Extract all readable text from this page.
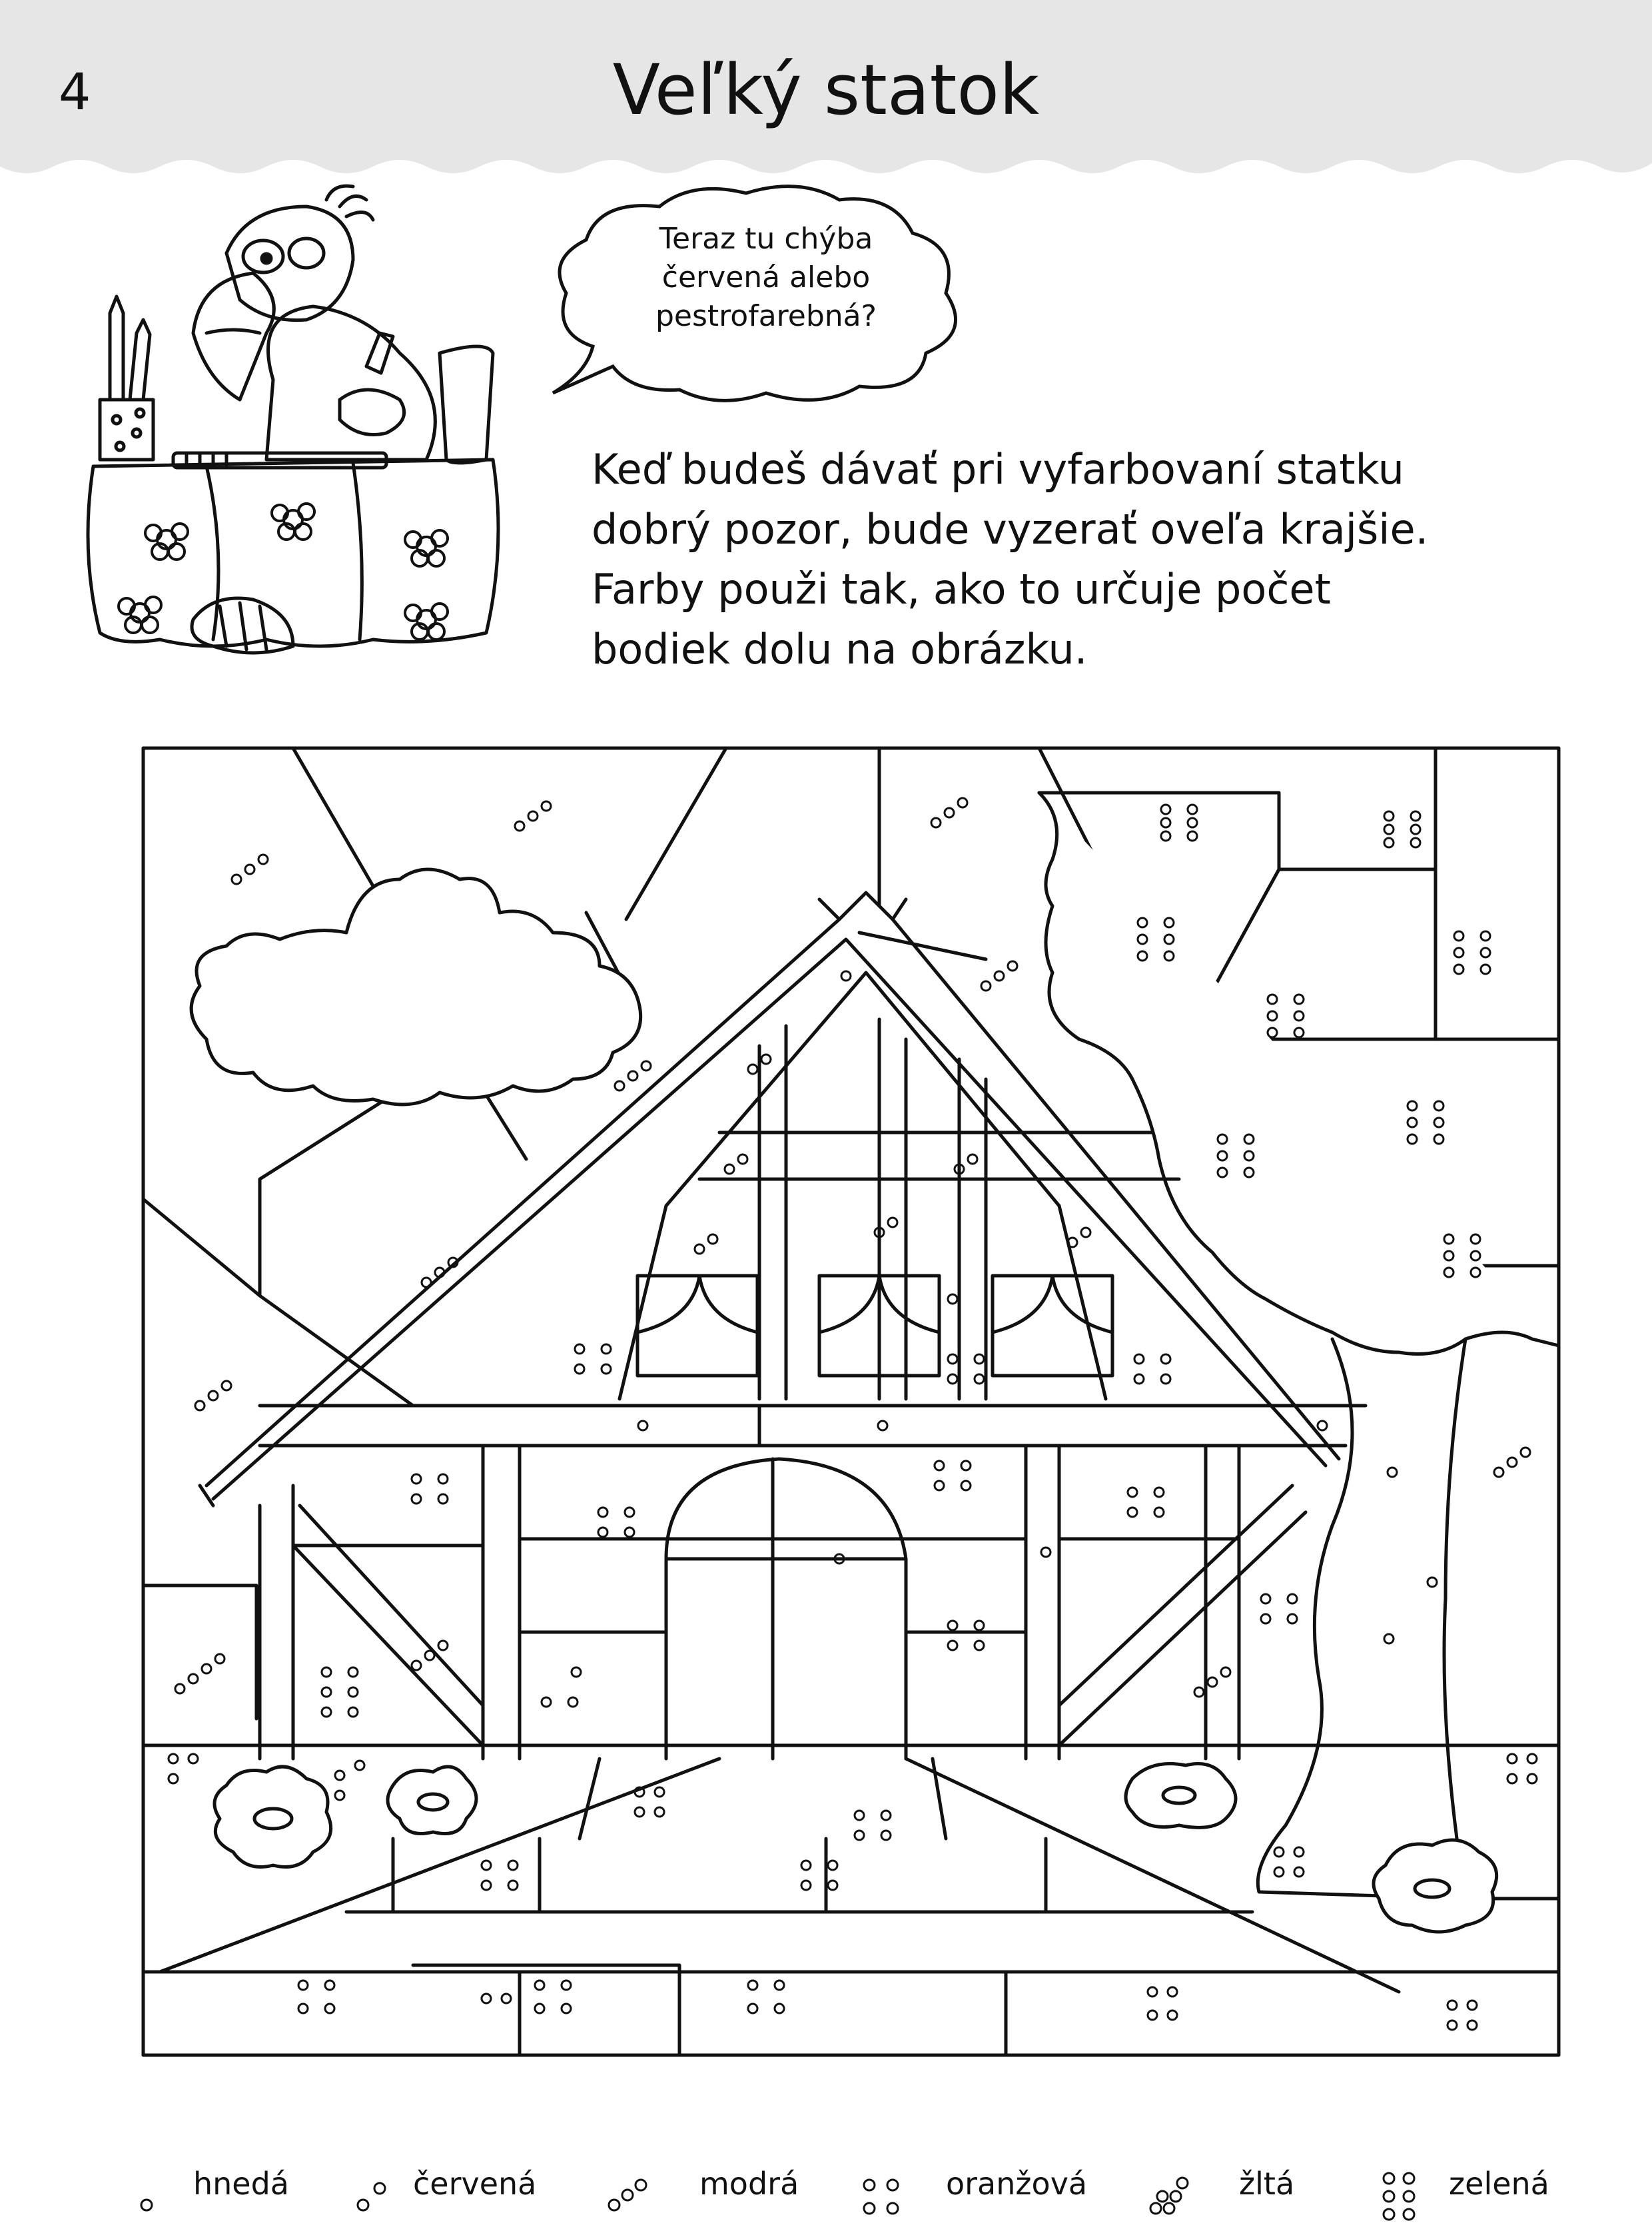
4	Veľký statok
Teraz tu chýba
červená alebo
pestrofarebná?

Keď budeš dávať pri vyfarbovaní statku
dobrý pozor, bude vyzerať oveľa krajšie.
Farby použi tak, ako to určuje počet
bodiek dolu na obrázku.

hnedá	červená	modrá	oranžová	žltá	zelená
